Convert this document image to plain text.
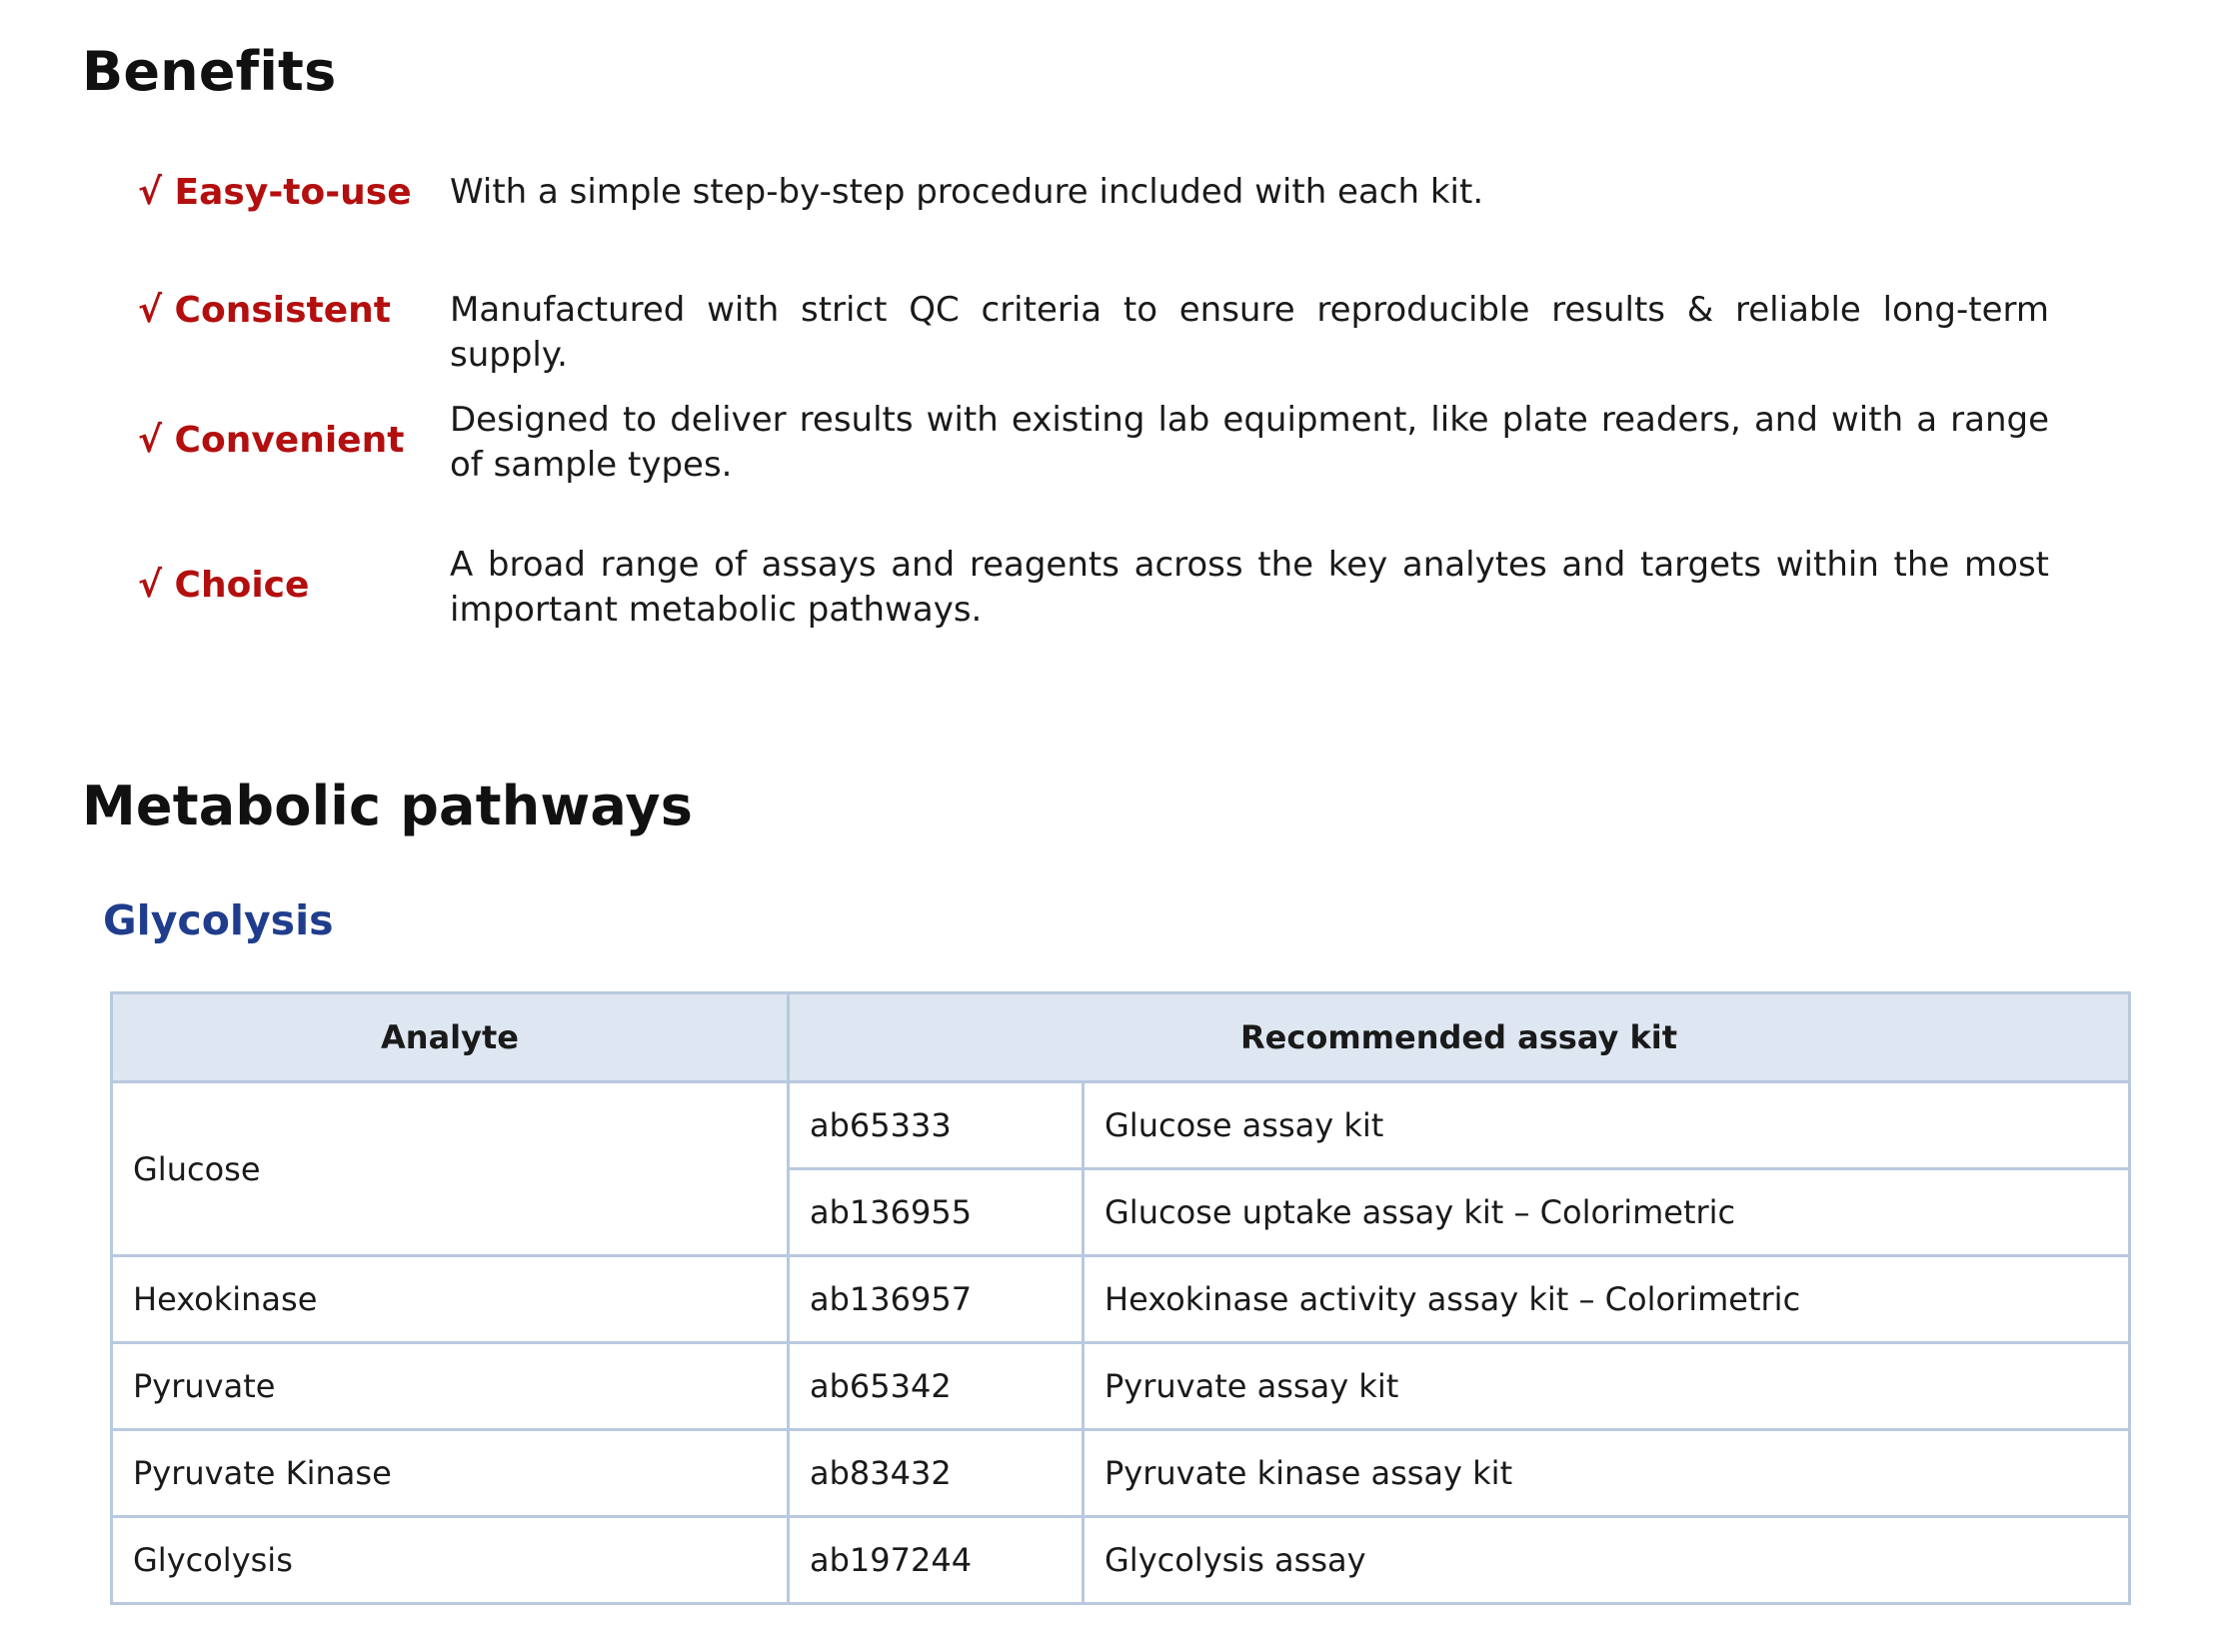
Benefits
√ Easy-to-use With a simple step-by-step procedure included with each kit.
√ Consistent Manufactured with strict QC criteria to ensure reproducible results & reliable long-term supply.
√ Convenient Designed to deliver results with existing lab equipment, like plate readers, and with a range of sample types.
√ Choice	A broad range of assays and reagents across the key analytes and targets within the most important metabolic pathways.
Metabolic pathways
Glycolysis
Analyte	Recommended assay kit	
Glucose	ab65333	Glucose assay kit
	ab136955	Glucose uptake assay kit – Colorimetric
Hexokinase	ab136957	Hexokinase activity assay kit – Colorimetric
Pyruvate	ab65342	Pyruvate assay kit
Pyruvate Kinase	ab83432	Pyruvate kinase assay kit
Glycolysis	ab197244	Glycolysis assay
